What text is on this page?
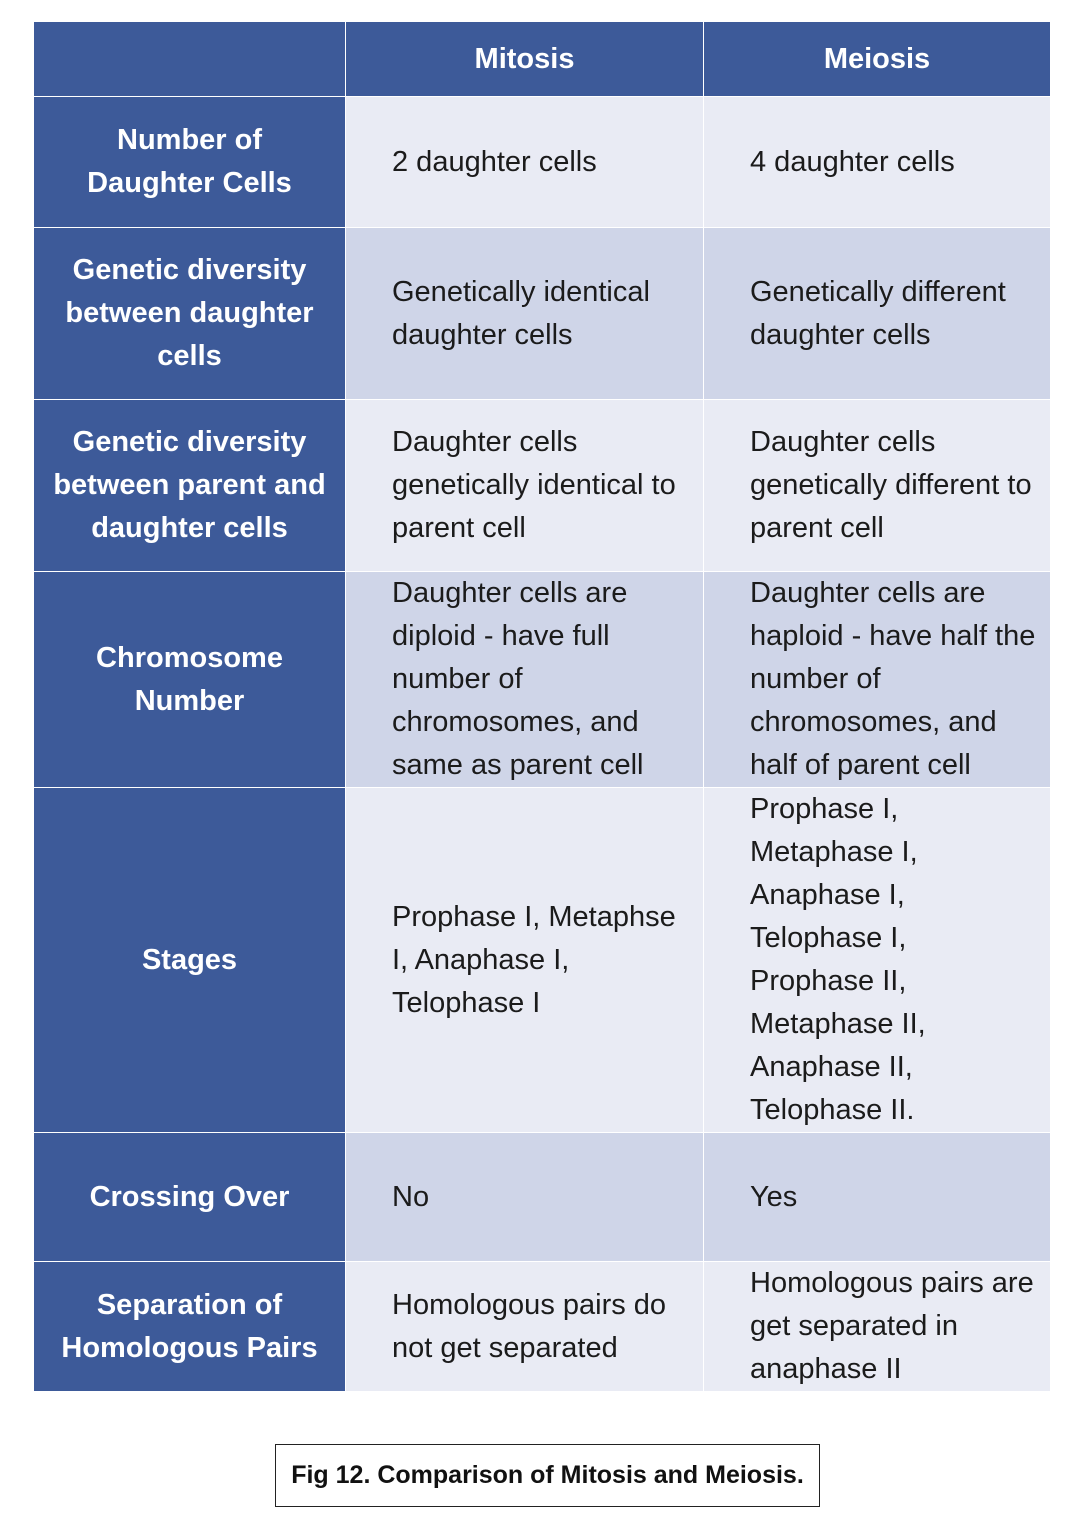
	Mitosis	Meiosis
Number of Daughter Cells	2 daughter cells	4 daughter cells
Genetic diversity between daughter cells	Genetically identical daughter cells	Genetically different daughter cells
Genetic diversity between parent and daughter cells	Daughter cells genetically identical to parent cell	Daughter cells genetically different to parent cell
Chromosome Number	Daughter cells are diploid - have full number of chromosomes, and same as parent cell	Daughter cells are haploid - have half the number of chromosomes, and half of parent cell
Stages	Prophase I, Metaphse I, Anaphase I, Telophase I	Prophase I, Metaphase I, Anaphase I, Telophase I, Prophase II, Metaphase II, Anaphase II, Telophase II.
Crossing Over	No	Yes
Separation of Homologous Pairs	Homologous pairs do not get separated	Homologous pairs are get separated in anaphase II
Fig 12. Comparison of Mitosis and Meiosis.
